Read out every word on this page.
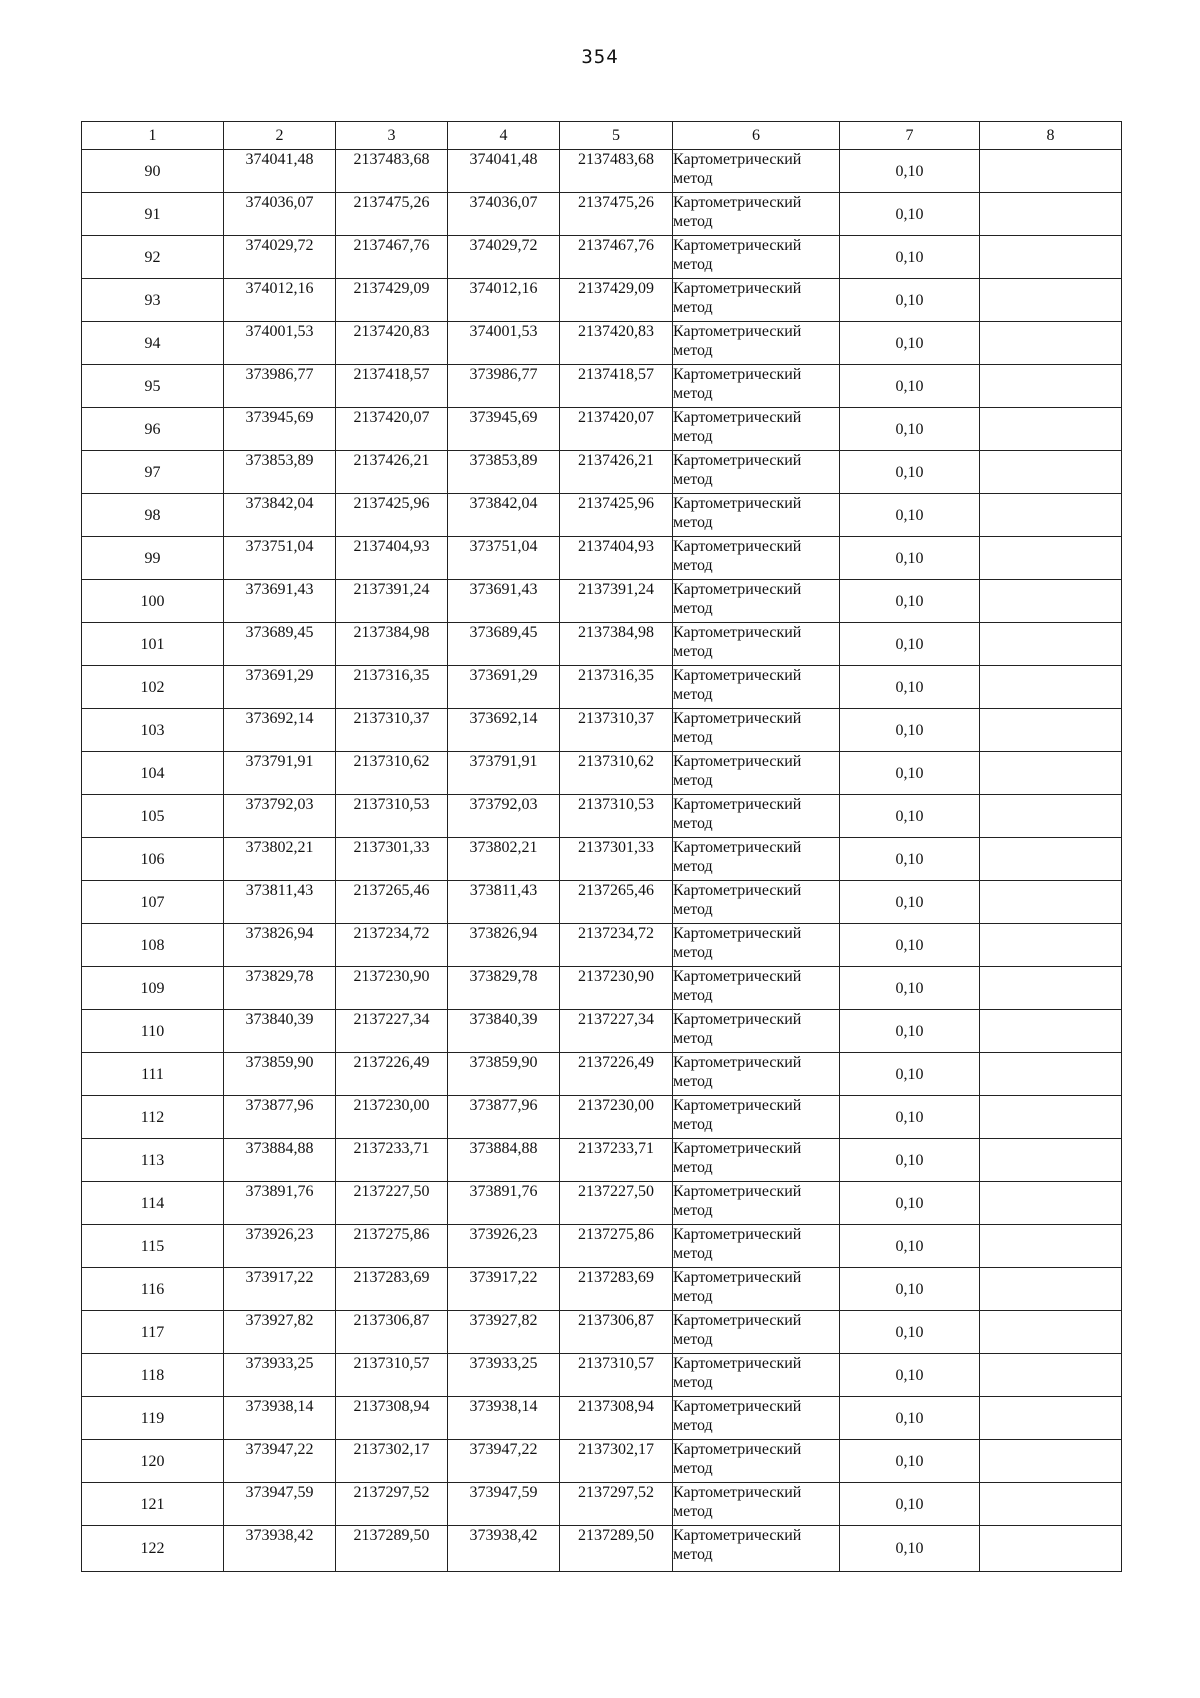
354
1	2	3	4	5	6	7	8
90	374041,48	2137483,68	374041,48	2137483,68	Картометрический
метод	0,10	
91	374036,07	2137475,26	374036,07	2137475,26	Картометрический
метод	0,10	
92	374029,72	2137467,76	374029,72	2137467,76	Картометрический
метод	0,10	
93	374012,16	2137429,09	374012,16	2137429,09	Картометрический
метод	0,10	
94	374001,53	2137420,83	374001,53	2137420,83	Картометрический
метод	0,10	
95	373986,77	2137418,57	373986,77	2137418,57	Картометрический
метод	0,10	
96	373945,69	2137420,07	373945,69	2137420,07	Картометрический
метод	0,10	
97	373853,89	2137426,21	373853,89	2137426,21	Картометрический
метод	0,10	
98	373842,04	2137425,96	373842,04	2137425,96	Картометрический
метод	0,10	
99	373751,04	2137404,93	373751,04	2137404,93	Картометрический
метод	0,10	
100	373691,43	2137391,24	373691,43	2137391,24	Картометрический
метод	0,10	
101	373689,45	2137384,98	373689,45	2137384,98	Картометрический
метод	0,10	
102	373691,29	2137316,35	373691,29	2137316,35	Картометрический
метод	0,10	
103	373692,14	2137310,37	373692,14	2137310,37	Картометрический
метод	0,10	
104	373791,91	2137310,62	373791,91	2137310,62	Картометрический
метод	0,10	
105	373792,03	2137310,53	373792,03	2137310,53	Картометрический
метод	0,10	
106	373802,21	2137301,33	373802,21	2137301,33	Картометрический
метод	0,10	
107	373811,43	2137265,46	373811,43	2137265,46	Картометрический
метод	0,10	
108	373826,94	2137234,72	373826,94	2137234,72	Картометрический
метод	0,10	
109	373829,78	2137230,90	373829,78	2137230,90	Картометрический
метод	0,10	
110	373840,39	2137227,34	373840,39	2137227,34	Картометрический
метод	0,10	
111	373859,90	2137226,49	373859,90	2137226,49	Картометрический
метод	0,10	
112	373877,96	2137230,00	373877,96	2137230,00	Картометрический
метод	0,10	
113	373884,88	2137233,71	373884,88	2137233,71	Картометрический
метод	0,10	
114	373891,76	2137227,50	373891,76	2137227,50	Картометрический
метод	0,10	
115	373926,23	2137275,86	373926,23	2137275,86	Картометрический
метод	0,10	
116	373917,22	2137283,69	373917,22	2137283,69	Картометрический
метод	0,10	
117	373927,82	2137306,87	373927,82	2137306,87	Картометрический
метод	0,10	
118	373933,25	2137310,57	373933,25	2137310,57	Картометрический
метод	0,10	
119	373938,14	2137308,94	373938,14	2137308,94	Картометрический
метод	0,10	
120	373947,22	2137302,17	373947,22	2137302,17	Картометрический
метод	0,10	
121	373947,59	2137297,52	373947,59	2137297,52	Картометрический
метод	0,10	
122	373938,42	2137289,50	373938,42	2137289,50	Картометрический
метод	0,10	
